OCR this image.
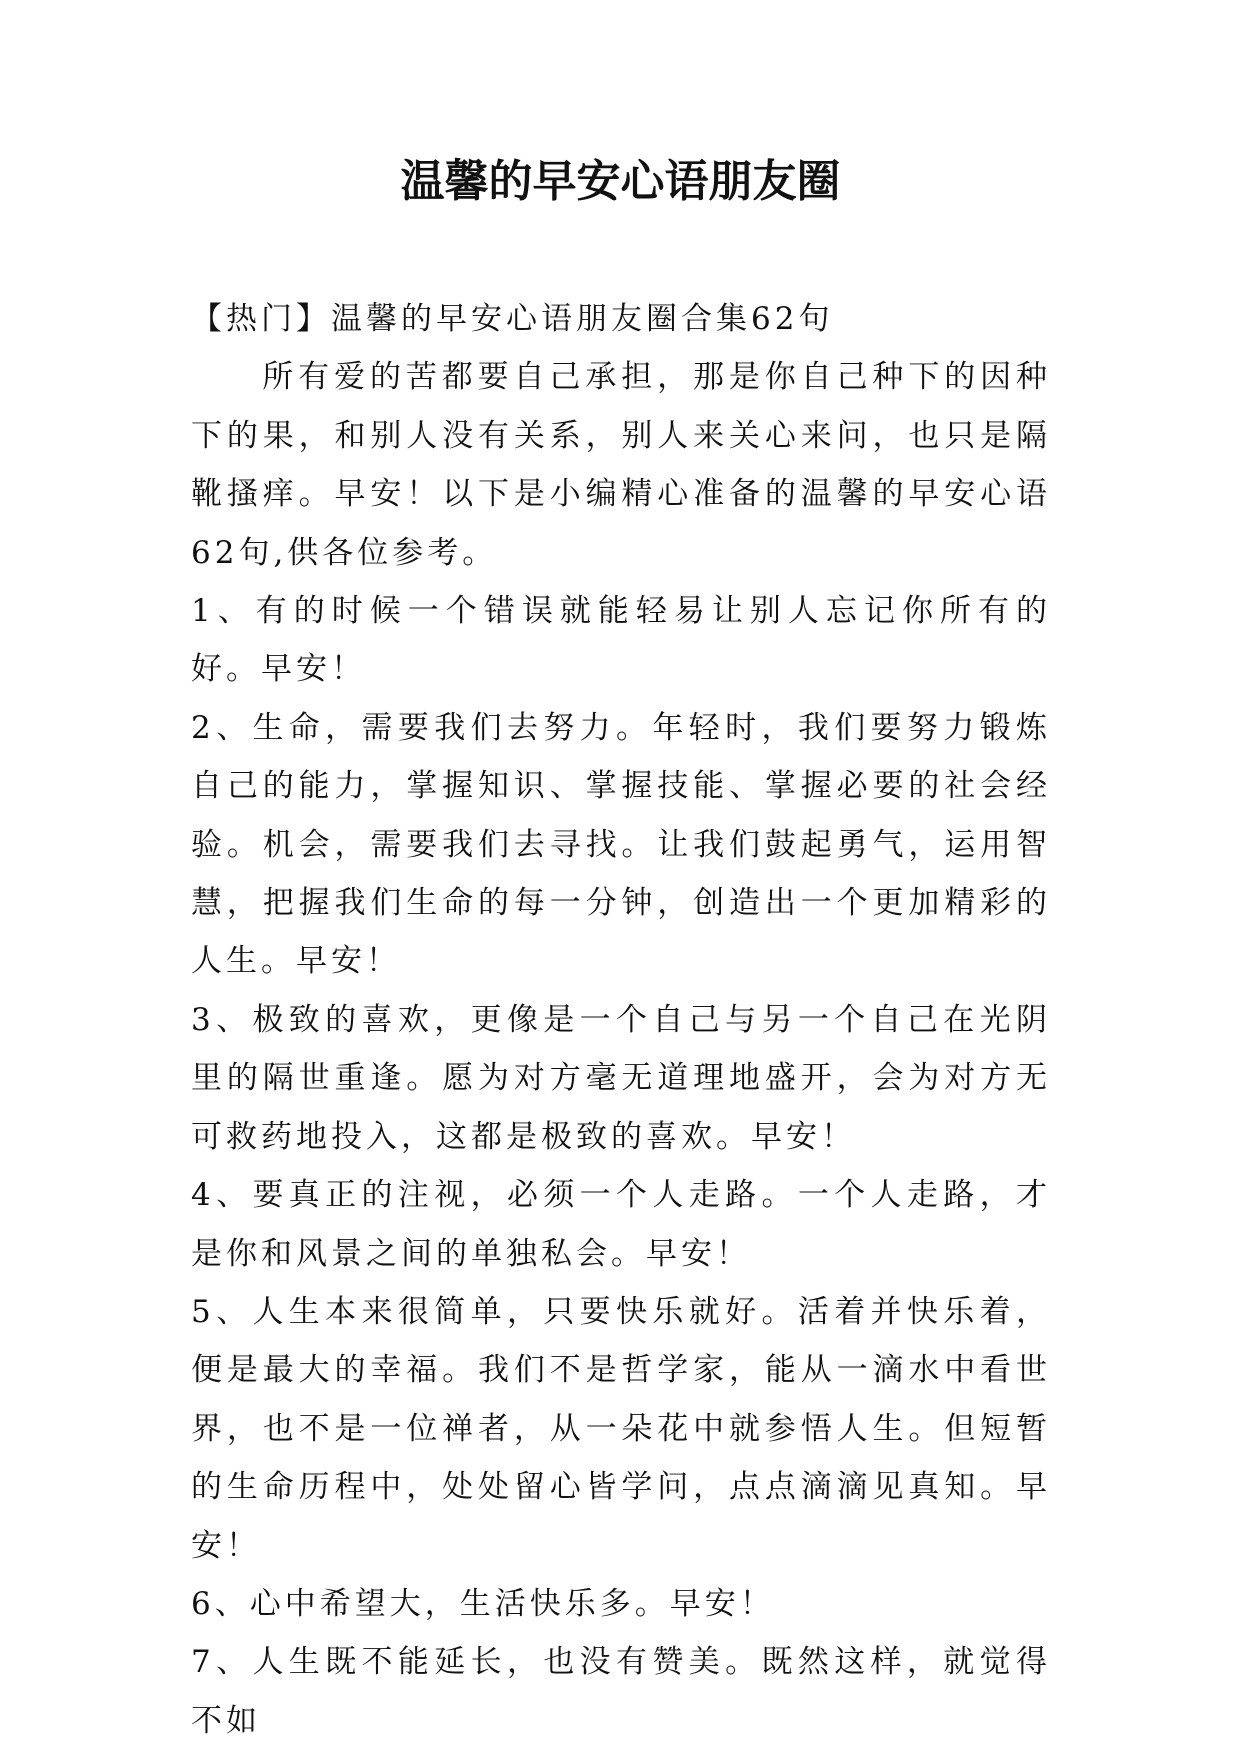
温馨的早安心语朋友圈

【热门】温馨的早安心语朋友圈合集62句

所有爱的苦都要自己承担，那是你自己种下的因种下的果，和别人没有关系，别人来关心来问，也只是隔靴搔痒。早安！以下是小编精心准备的温馨的早安心语62句,供各位参考。

1、有的时候一个错误就能轻易让别人忘记你所有的好。早安！

2、生命，需要我们去努力。年轻时，我们要努力锻炼自己的能力，掌握知识、掌握技能、掌握必要的社会经验。机会，需要我们去寻找。让我们鼓起勇气，运用智慧，把握我们生命的每一分钟，创造出一个更加精彩的人生。早安！

3、极致的喜欢，更像是一个自己与另一个自己在光阴里的隔世重逢。愿为对方毫无道理地盛开，会为对方无可救药地投入，这都是极致的喜欢。早安！

4、要真正的注视，必须一个人走路。一个人走路，才是你和风景之间的单独私会。早安！

5、人生本来很简单，只要快乐就好。活着并快乐着，便是最大的幸福。我们不是哲学家，能从一滴水中看世界，也不是一位禅者，从一朵花中就参悟人生。但短暂的生命历程中，处处留心皆学问，点点滴滴见真知。早安！

6、心中希望大，生活快乐多。早安！

7、人生既不能延长，也没有赞美。既然这样，就觉得不如
